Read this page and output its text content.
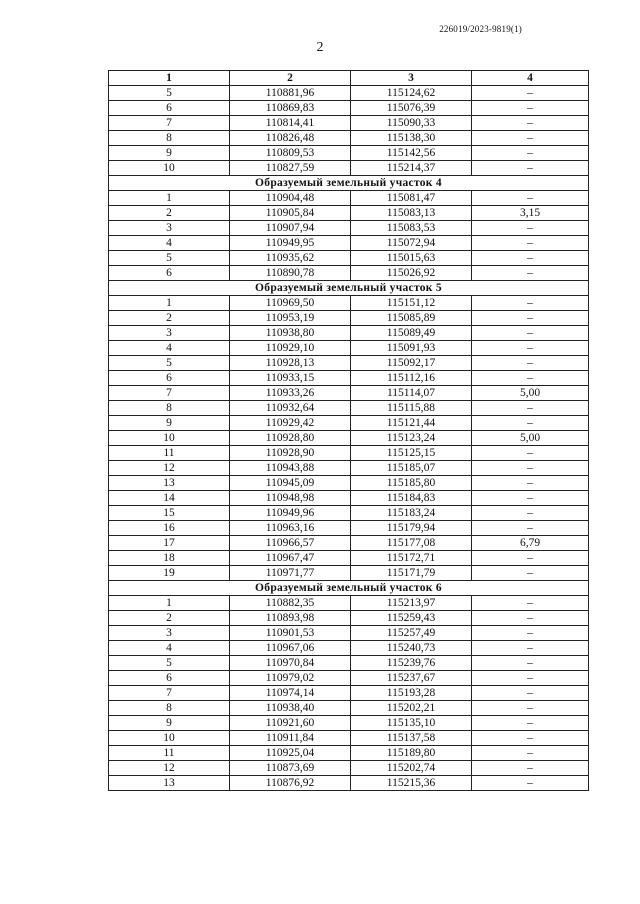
226019/2023-9819(1)
2
1	2	3	4
5	110881,96	115124,62	–
6	110869,83	115076,39	–
7	110814,41	115090,33	–
8	110826,48	115138,30	–
9	110809,53	115142,56	–
10	110827,59	115214,37	–
Образуемый земельный участок 4			
1	110904,48	115081,47	–
2	110905,84	115083,13	3,15
3	110907,94	115083,53	–
4	110949,95	115072,94	–
5	110935,62	115015,63	–
6	110890,78	115026,92	–
Образуемый земельный участок 5			
1	110969,50	115151,12	–
2	110953,19	115085,89	–
3	110938,80	115089,49	–
4	110929,10	115091,93	–
5	110928,13	115092,17	–
6	110933,15	115112,16	–
7	110933,26	115114,07	5,00
8	110932,64	115115,88	–
9	110929,42	115121,44	–
10	110928,80	115123,24	5,00
11	110928,90	115125,15	–
12	110943,88	115185,07	–
13	110945,09	115185,80	–
14	110948,98	115184,83	–
15	110949,96	115183,24	–
16	110963,16	115179,94	–
17	110966,57	115177,08	6,79
18	110967,47	115172,71	–
19	110971,77	115171,79	–
Образуемый земельный участок 6			
1	110882,35	115213,97	–
2	110893,98	115259,43	–
3	110901,53	115257,49	–
4	110967,06	115240,73	–
5	110970,84	115239,76	–
6	110979,02	115237,67	–
7	110974,14	115193,28	–
8	110938,40	115202,21	–
9	110921,60	115135,10	–
10	110911,84	115137,58	–
11	110925,04	115189,80	–
12	110873,69	115202,74	–
13	110876,92	115215,36	–
